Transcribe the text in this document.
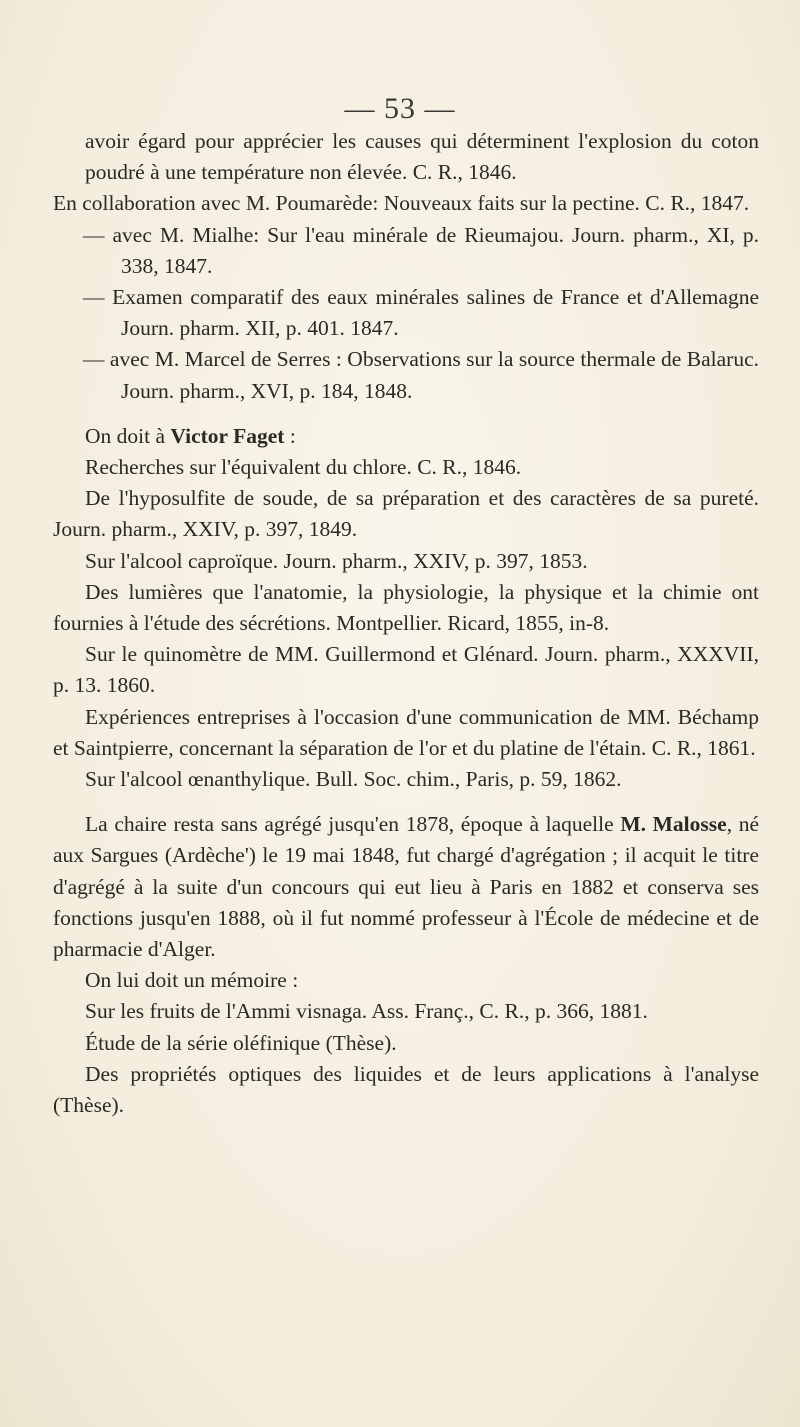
— 53 —

avoir égard pour apprécier les causes qui déterminent l'explosion du coton poudré à une température non élevée. C. R., 1846.

En collaboration avec M. Poumarède: Nouveaux faits sur la pectine. C. R., 1847.

— avec M. Mialhe: Sur l'eau minérale de Rieumajou. Journ. pharm., XI, p. 338, 1847.

— Examen comparatif des eaux minérales salines de France et d'Allemagne Journ. pharm. XII, p. 401. 1847.

— avec M. Marcel de Serres : Observations sur la source thermale de Balaruc. Journ. pharm., XVI, p. 184, 1848.

On doit à Victor Faget :

Recherches sur l'équivalent du chlore. C. R., 1846.

De l'hyposulfite de soude, de sa préparation et des caractères de sa pureté. Journ. pharm., XXIV, p. 397, 1849.

Sur l'alcool caproïque. Journ. pharm., XXIV, p. 397, 1853.

Des lumières que l'anatomie, la physiologie, la physique et la chimie ont fournies à l'étude des sécrétions. Montpellier. Ricard, 1855, in-8.

Sur le quinomètre de MM. Guillermond et Glénard. Journ. pharm., XXXVII, p. 13. 1860.

Expériences entreprises à l'occasion d'une communication de MM. Béchamp et Saintpierre, concernant la séparation de l'or et du platine de l'étain. C. R., 1861.

Sur l'alcool œnanthylique. Bull. Soc. chim., Paris, p. 59, 1862.

La chaire resta sans agrégé jusqu'en 1878, époque à laquelle M. Malosse, né aux Sargues (Ardèche') le 19 mai 1848, fut chargé d'agrégation ; il acquit le titre d'agrégé à la suite d'un concours qui eut lieu à Paris en 1882 et conserva ses fonctions jusqu'en 1888, où il fut nommé professeur à l'École de médecine et de pharmacie d'Alger.

On lui doit un mémoire :

Sur les fruits de l'Ammi visnaga. Ass. Franç., C. R., p. 366, 1881.

Étude de la série oléfinique (Thèse).

Des propriétés optiques des liquides et de leurs applications à l'analyse (Thèse).
